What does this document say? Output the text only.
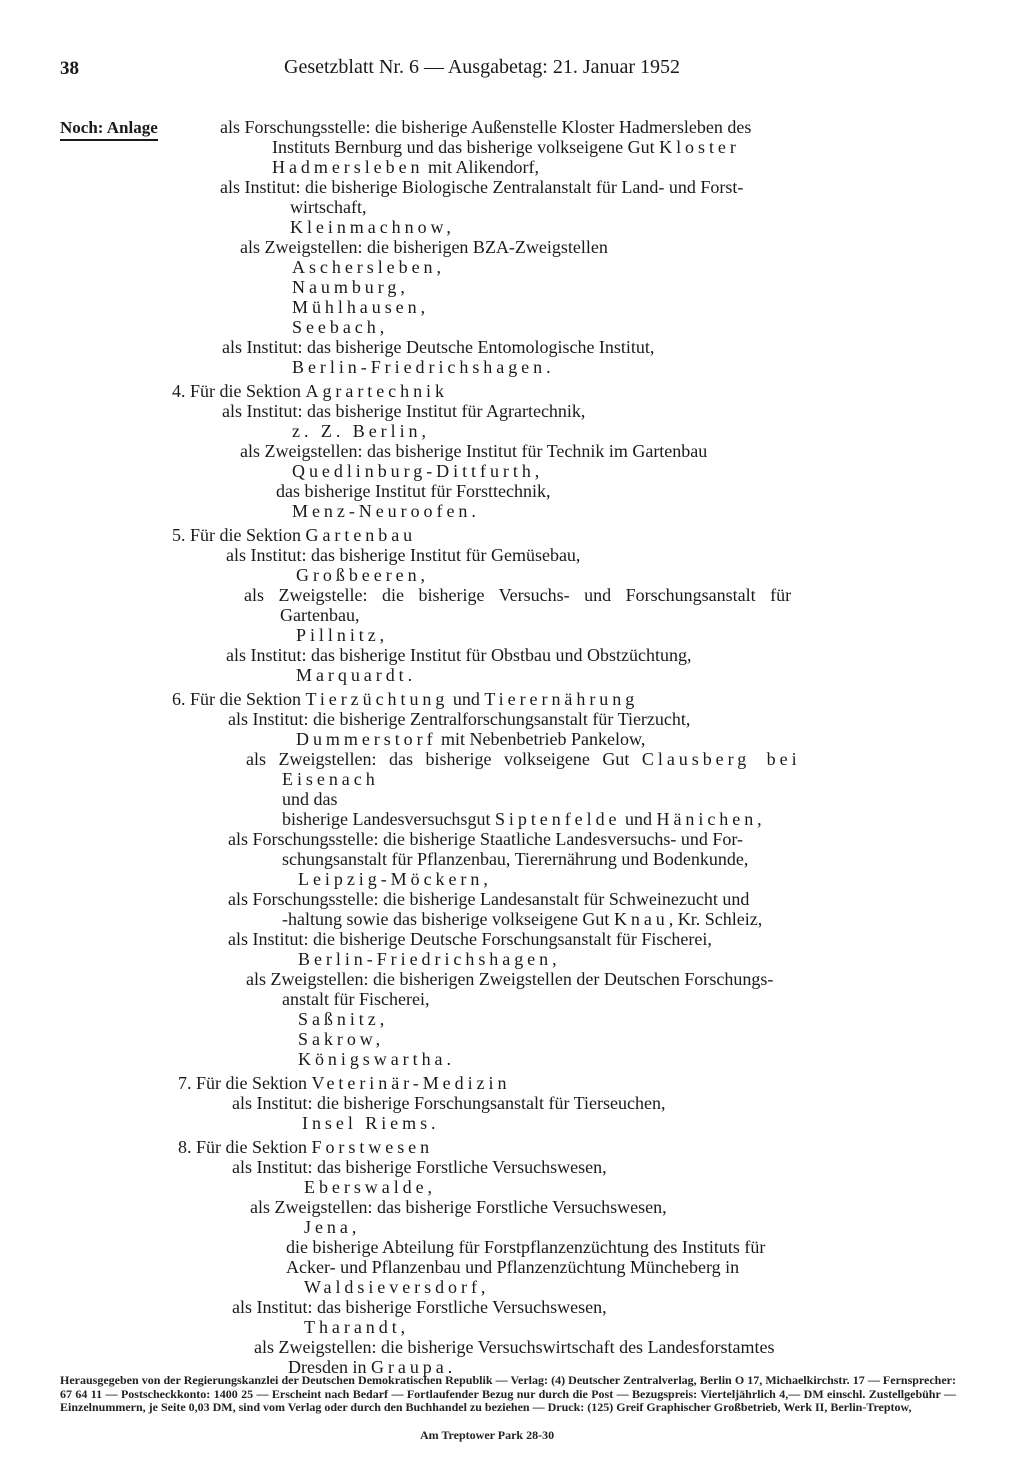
38	Gesetzblatt Nr. 6 — Ausgabetag: 21. Januar 1952
Noch: Anlage	als Forschungsstelle: die bisherige Außenstelle Kloster Hadmersleben des
Instituts Bernburg und das bisherige volkseigene Gut Kloster
Hadmersleben mit Alikendorf,
als Institut: die bisherige Biologische Zentralanstalt für Land- und Forst-
wirtschaft,
Kleinmachnow,
als Zweigstellen: die bisherigen BZA-Zweigstellen
Aschersleben,
Naumburg,
Mühlhausen,
Seebach,
als Institut: das bisherige Deutsche Entomologische Institut,
Berlin-Friedrichshagen.
4. Für die Sektion Agrartechnik
als Institut: das bisherige Institut für Agrartechnik,
z. Z. Berlin,
als Zweigstellen: das bisherige Institut für Technik im Gartenbau
Quedlinburg-Dittfurth,
das bisherige Institut für Forsttechnik,
Menz-Neuroofen.
5. Für die Sektion Gartenbau
als Institut: das bisherige Institut für Gemüsebau,
Großbeeren,
als Zweigstelle: die bisherige Versuchs- und Forschungsanstalt für
Gartenbau,
Pillnitz,
als Institut: das bisherige Institut für Obstbau und Obstzüchtung,
Marquardt.
6. Für die Sektion Tierzüchtung und Tierernährung
als Institut: die bisherige Zentralforschungsanstalt für Tierzucht,
Dummerstorf mit Nebenbetrieb Pankelow,
als Zweigstellen: das bisherige volkseigene Gut Clausberg bei
Eisenach
und das
bisherige Landesversuchsgut Siptenfelde und Hänichen,
als Forschungsstelle: die bisherige Staatliche Landesversuchs- und For-
schungsanstalt für Pflanzenbau, Tierernährung und Bodenkunde,
Leipzig-Möckern,
als Forschungsstelle: die bisherige Landesanstalt für Schweinezucht und
-haltung sowie das bisherige volkseigene Gut Knau, Kr. Schleiz,
als Institut: die bisherige Deutsche Forschungsanstalt für Fischerei,
Berlin-Friedrichshagen,
als Zweigstellen: die bisherigen Zweigstellen der Deutschen Forschungs-
anstalt für Fischerei,
Saßnitz,
Sakrow,
Königswartha.
7. Für die Sektion Veterinär-Medizin
als Institut: die bisherige Forschungsanstalt für Tierseuchen,
Insel Riems.
8. Für die Sektion Forstwesen
als Institut: das bisherige Forstliche Versuchswesen,
Eberswalde,
als Zweigstellen: das bisherige Forstliche Versuchswesen,
Jena,
die bisherige Abteilung für Forstpflanzenzüchtung des Instituts für
Acker- und Pflanzenbau und Pflanzenzüchtung Müncheberg in
Waldsieversdorf,
als Institut: das bisherige Forstliche Versuchswesen,
Tharandt,
als Zweigstellen: die bisherige Versuchswirtschaft des Landesforstamtes
Dresden in Graupa.
Herausgegeben von der Regierungskanzlei der Deutschen Demokratischen Republik — Verlag: (4) Deutscher Zentralverlag, Berlin O 17, Michaelkirchstr. 17 — Fernsprecher: 67 64 11 — Postscheckkonto: 1400 25 — Erscheint nach Bedarf — Fortlaufender Bezug nur durch die Post — Bezugspreis: Vierteljährlich 4,— DM einschl. Zustellgebühr — Einzelnummern, je Seite 0,03 DM, sind vom Verlag oder durch den Buchhandel zu beziehen — Druck: (125) Greif Graphischer Großbetrieb, Werk II, Berlin-Treptow,
Am Treptower Park 28-30
